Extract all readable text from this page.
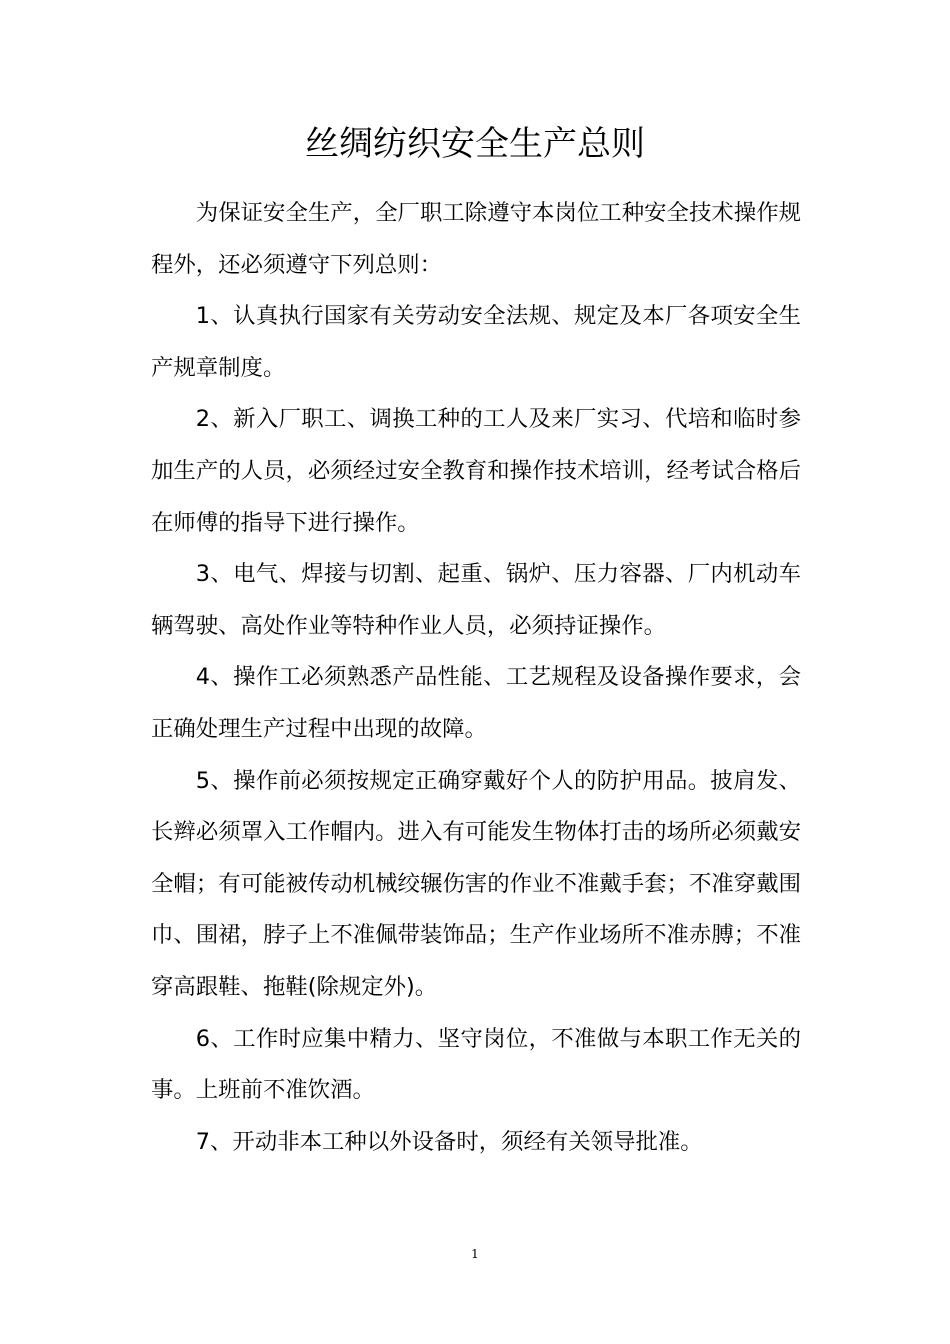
丝绸纺织安全生产总则

为保证安全生产，全厂职工除遵守本岗位工种安全技术操作规程外，还必须遵守下列总则：

1、认真执行国家有关劳动安全法规、规定及本厂各项安全生产规章制度。

2、新入厂职工、调换工种的工人及来厂实习、代培和临时参加生产的人员，必须经过安全教育和操作技术培训，经考试合格后在师傅的指导下进行操作。

3、电气、焊接与切割、起重、锅炉、压力容器、厂内机动车辆驾驶、高处作业等特种作业人员，必须持证操作。

4、操作工必须熟悉产品性能、工艺规程及设备操作要求，会正确处理生产过程中出现的故障。

5、操作前必须按规定正确穿戴好个人的防护用品。披肩发、长辫必须罩入工作帽内。进入有可能发生物体打击的场所必须戴安全帽；有可能被传动机械绞辗伤害的作业不准戴手套；不准穿戴围巾、围裙，脖子上不准佩带装饰品；生产作业场所不准赤膊；不准穿高跟鞋、拖鞋(除规定外)。

6、工作时应集中精力、坚守岗位，不准做与本职工作无关的事。上班前不准饮酒。

7、开动非本工种以外设备时，须经有关领导批准。

1
